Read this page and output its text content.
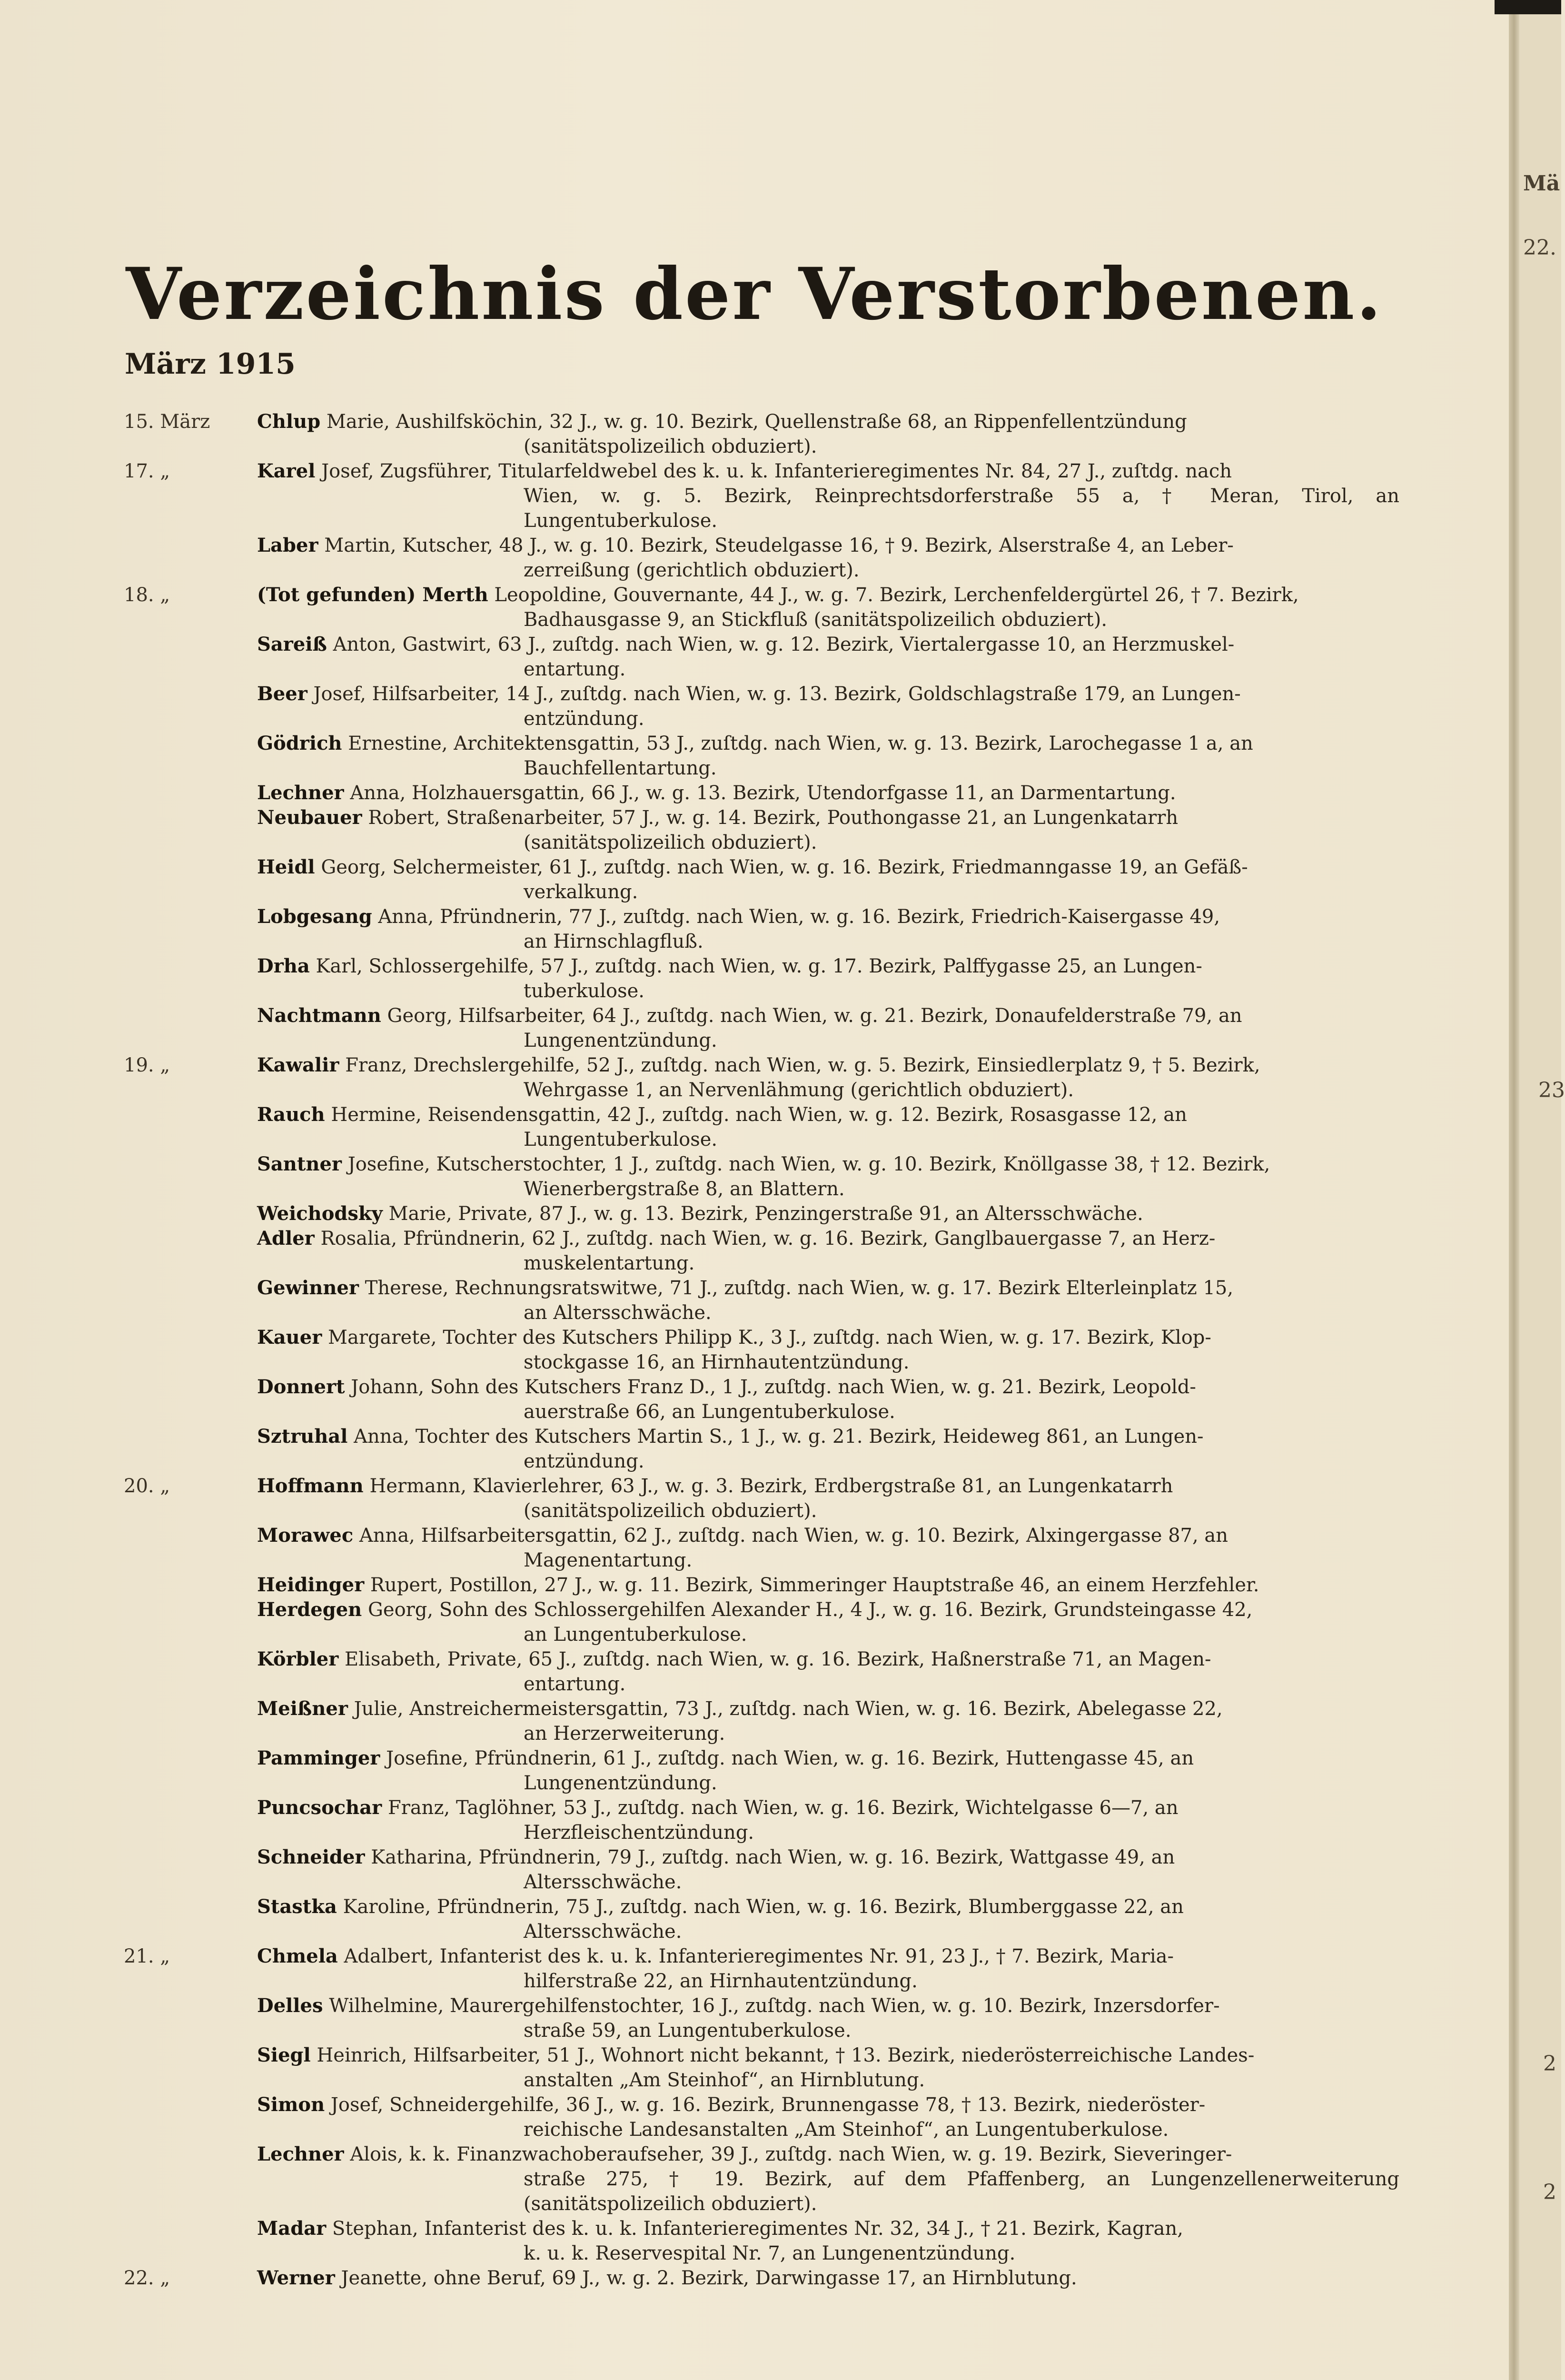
Mä
22.
23
2
2
Verzeichnis der Verstorbenen.
März 1915
15. März	Chlup Marie, Aushilfsköchin, 32 J., w. g. 10. Bezirk, Quellenstraße 68, an Rippenfellentzündung
(sanitätspolizeilich obduziert).
17. „	Karel Josef, Zugsführer, Titularfeldwebel des k. u. k. Infanterieregimentes Nr. 84, 27 J., zuſtdg. nach
Wien, w. g. 5. Bezirk, Reinprechtsdorferstraße 55 a, † Meran, Tirol, an Lungentuberkulose.
Laber Martin, Kutscher, 48 J., w. g. 10. Bezirk, Steudelgasse 16, † 9. Bezirk, Alserstraße 4, an Leber-
zerreißung (gerichtlich obduziert).
18. „	(Tot gefunden) Merth Leopoldine, Gouvernante, 44 J., w. g. 7. Bezirk, Lerchenfeldergürtel 26, † 7. Bezirk,
Badhausgasse 9, an Stickfluß (sanitätspolizeilich obduziert).
Sareiß Anton, Gastwirt, 63 J., zuſtdg. nach Wien, w. g. 12. Bezirk, Viertalergasse 10, an Herzmuskel-
entartung.
Beer Josef, Hilfsarbeiter, 14 J., zuſtdg. nach Wien, w. g. 13. Bezirk, Goldschlagstraße 179, an Lungen-
entzündung.
Gödrich Ernestine, Architektensgattin, 53 J., zuſtdg. nach Wien, w. g. 13. Bezirk, Larochegasse 1 a, an
Bauchfellentartung.
Lechner Anna, Holzhauersgattin, 66 J., w. g. 13. Bezirk, Utendorfgasse 11, an Darmentartung.
Neubauer Robert, Straßenarbeiter, 57 J., w. g. 14. Bezirk, Pouthongasse 21, an Lungenkatarrh
(sanitätspolizeilich obduziert).
Heidl Georg, Selchermeister, 61 J., zuſtdg. nach Wien, w. g. 16. Bezirk, Friedmanngasse 19, an Gefäß-
verkalkung.
Lobgesang Anna, Pfründnerin, 77 J., zuſtdg. nach Wien, w. g. 16. Bezirk, Friedrich-Kaisergasse 49,
an Hirnschlagfluß.
Drha Karl, Schlossergehilfe, 57 J., zuſtdg. nach Wien, w. g. 17. Bezirk, Palffygasse 25, an Lungen-
tuberkulose.
Nachtmann Georg, Hilfsarbeiter, 64 J., zuſtdg. nach Wien, w. g. 21. Bezirk, Donaufelderstraße 79, an
Lungenentzündung.
19. „	Kawalir Franz, Drechslergehilfe, 52 J., zuſtdg. nach Wien, w. g. 5. Bezirk, Einsiedlerplatz 9, † 5. Bezirk,
Wehrgasse 1, an Nervenlähmung (gerichtlich obduziert).
Rauch Hermine, Reisendensgattin, 42 J., zuſtdg. nach Wien, w. g. 12. Bezirk, Rosasgasse 12, an
Lungentuberkulose.
Santner Josefine, Kutscherstochter, 1 J., zuſtdg. nach Wien, w. g. 10. Bezirk, Knöllgasse 38, † 12. Bezirk,
Wienerbergstraße 8, an Blattern.
Weichodsky Marie, Private, 87 J., w. g. 13. Bezirk, Penzingerstraße 91, an Altersschwäche.
Adler Rosalia, Pfründnerin, 62 J., zuſtdg. nach Wien, w. g. 16. Bezirk, Ganglbauergasse 7, an Herz-
muskelentartung.
Gewinner Therese, Rechnungsratswitwe, 71 J., zuſtdg. nach Wien, w. g. 17. Bezirk Elterleinplatz 15,
an Altersschwäche.
Kauer Margarete, Tochter des Kutschers Philipp K., 3 J., zuſtdg. nach Wien, w. g. 17. Bezirk, Klop-
stockgasse 16, an Hirnhautentzündung.
Donnert Johann, Sohn des Kutschers Franz D., 1 J., zuſtdg. nach Wien, w. g. 21. Bezirk, Leopold-
auerstraße 66, an Lungentuberkulose.
Sztruhal Anna, Tochter des Kutschers Martin S., 1 J., w. g. 21. Bezirk, Heideweg 861, an Lungen-
entzündung.
20. „	Hoffmann Hermann, Klavierlehrer, 63 J., w. g. 3. Bezirk, Erdbergstraße 81, an Lungenkatarrh
(sanitätspolizeilich obduziert).
Morawec Anna, Hilfsarbeitersgattin, 62 J., zuſtdg. nach Wien, w. g. 10. Bezirk, Alxingergasse 87, an
Magenentartung.
Heidinger Rupert, Postillon, 27 J., w. g. 11. Bezirk, Simmeringer Hauptstraße 46, an einem Herzfehler.
Herdegen Georg, Sohn des Schlossergehilfen Alexander H., 4 J., w. g. 16. Bezirk, Grundsteingasse 42,
an Lungentuberkulose.
Körbler Elisabeth, Private, 65 J., zuſtdg. nach Wien, w. g. 16. Bezirk, Haßnerstraße 71, an Magen-
entartung.
Meißner Julie, Anstreichermeistersgattin, 73 J., zuſtdg. nach Wien, w. g. 16. Bezirk, Abelegasse 22,
an Herzerweiterung.
Pamminger Josefine, Pfründnerin, 61 J., zuſtdg. nach Wien, w. g. 16. Bezirk, Huttengasse 45, an
Lungenentzündung.
Puncsochar Franz, Taglöhner, 53 J., zuſtdg. nach Wien, w. g. 16. Bezirk, Wichtelgasse 6—7, an
Herzfleischentzündung.
Schneider Katharina, Pfründnerin, 79 J., zuſtdg. nach Wien, w. g. 16. Bezirk, Wattgasse 49, an
Altersschwäche.
Stastka Karoline, Pfründnerin, 75 J., zuſtdg. nach Wien, w. g. 16. Bezirk, Blumberggasse 22, an
Altersschwäche.
21. „	Chmela Adalbert, Infanterist des k. u. k. Infanterieregimentes Nr. 91, 23 J., † 7. Bezirk, Maria-
hilferstraße 22, an Hirnhautentzündung.
Delles Wilhelmine, Maurergehilfenstochter, 16 J., zuſtdg. nach Wien, w. g. 10. Bezirk, Inzersdorfer-
straße 59, an Lungentuberkulose.
Siegl Heinrich, Hilfsarbeiter, 51 J., Wohnort nicht bekannt, † 13. Bezirk, niederösterreichische Landes-
anstalten „Am Steinhof“, an Hirnblutung.
Simon Josef, Schneidergehilfe, 36 J., w. g. 16. Bezirk, Brunnengasse 78, † 13. Bezirk, niederöster-
reichische Landesanstalten „Am Steinhof“, an Lungentuberkulose.
Lechner Alois, k. k. Finanzwachoberaufseher, 39 J., zuſtdg. nach Wien, w. g. 19. Bezirk, Sieveringer-
straße 275, † 19. Bezirk, auf dem Pfaffenberg, an Lungenzellenerweiterung (sanitätspolizeilich obduziert).
Madar Stephan, Infanterist des k. u. k. Infanterieregimentes Nr. 32, 34 J., † 21. Bezirk, Kagran,
k. u. k. Reservespital Nr. 7, an Lungenentzündung.
22. „	Werner Jeanette, ohne Beruf, 69 J., w. g. 2. Bezirk, Darwingasse 17, an Hirnblutung.
